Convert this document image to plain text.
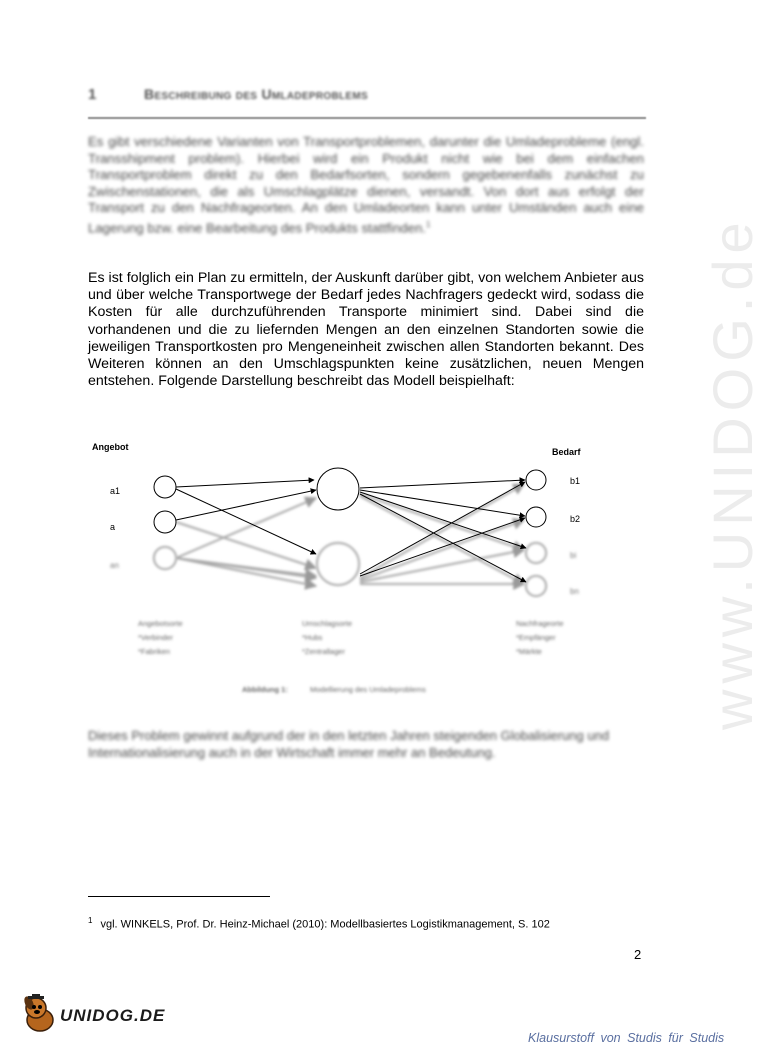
www.UNIDOG.de
1	Beschreibung des Umladeproblems

Es gibt verschiedene Varianten von Transportproblemen, darunter die Umladeprobleme (engl. Transshipment problem). Hierbei wird ein Produkt nicht wie bei dem einfachen Transportproblem direkt zu den Bedarfsorten, sondern gegebenenfalls zunächst zu Zwischenstationen, die als Umschlagplätze dienen, versandt. Von dort aus erfolgt der Transport zu den Nachfrageorten. An den Umladeorten kann unter Umständen auch eine Lagerung bzw. eine Bearbeitung des Produkts stattfinden.$^1$

Es ist folglich ein Plan zu ermitteln, der Auskunft darüber gibt, von welchem Anbieter aus und über welche Transportwege der Bedarf jedes Nachfragers gedeckt wird, sodass die Kosten für alle durchzuführenden Transporte minimiert sind. Dabei sind die vorhandenen und die zu liefernden Mengen an den einzelnen Standorten sowie die jeweiligen Transportkosten pro Mengeneinheit zwischen allen Standorten bekannt. Des Weiteren können an den Umschlagspunkten keine zusätzlichen, neuen Mengen entstehen. Folgende Darstellung beschreibt das Modell beispielhaft:

Angebot	Bedarf
a1
a
b1
b2
an
bi
bn
Angebotsorte
*Verbinder
*Fabriken
Umschlagsorte
*Hubs
*Zentrallager
Nachfrageorte
*Empfänger
*Märkte
Abbildung 1:	Modellierung des Umladeproblems

Dieses Problem gewinnt aufgrund der in den letzten Jahren steigenden Globalisierung und Internationalisierung auch in der Wirtschaft immer mehr an Bedeutung.

$^1$ vgl. WINKELS, Prof. Dr. Heinz-Michael (2010): Modellbasiertes Logistikmanagement, S. 102
2
UNIDOG.DE
Klausurstoff von Studis für Studis
